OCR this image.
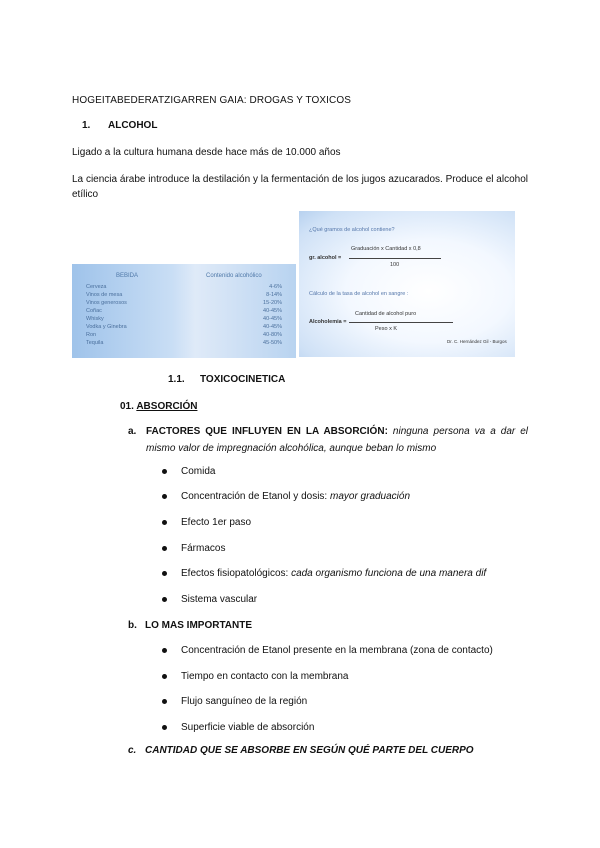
HOGEITABEDERATZIGARREN GAIA: DROGAS Y TOXICOS
1. ALCOHOL
Ligado a la cultura humana desde hace más de 10.000 años
La ciencia árabe introduce la destilación y la fermentación de los jugos azucarados. Produce el alcohol etílico
BEBIDA	Contenido alcohólico
Cerveza	4-6%
Vinos de mesa	8-14%
Vinos generosos	15-20%
Coñac	40-45%
Whisky	40-45%
Vodka y Ginebra	40-45%
Ron	40-80%
Tequila	45-50%
¿Qué gramos de alcohol contiene?
Graduación x Cantidad x 0,8
gr. alcohol =
100
Cálculo de la tasa de alcohol en sangre :
Cantidad de alcohol puro
Alcoholemia =
Peso x K
Dr. C. Hernández Gil - Burgos
1.1. TOXICOCINETICA
01. ABSORCIÓN
a. FACTORES QUE INFLUYEN EN LA ABSORCIÓN: ninguna persona va a dar el mismo valor de impregnación alcohólica, aunque beban lo mismo
Comida
Concentración de Etanol y dosis: mayor graduación
Efecto 1er paso
Fármacos
Efectos fisiopatológicos: cada organismo funciona de una manera dif
Sistema vascular
b. LO MAS IMPORTANTE
Concentración de Etanol presente en la membrana (zona de contacto)
Tiempo en contacto con la membrana
Flujo sanguíneo de la región
Superficie viable de absorción
c. CANTIDAD QUE SE ABSORBE EN SEGÚN QUÉ PARTE DEL CUERPO
